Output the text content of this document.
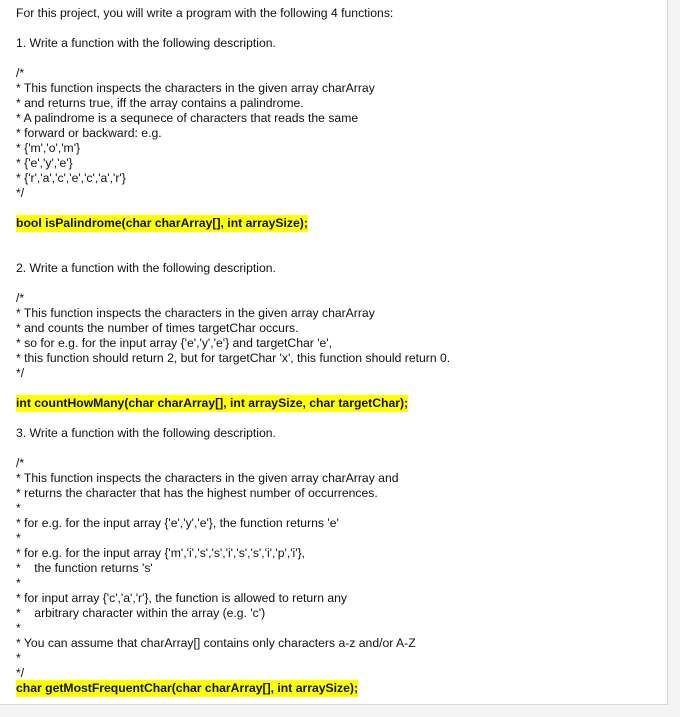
For this project, you will write a program with the following 4 functions:
1. Write a function with the following description.
/*
* This function inspects the characters in the given array charArray
* and returns true, iff the array contains a palindrome.
* A palindrome is a sequnece of characters that reads the same
* forward or backward: e.g.
* {'m','o','m'}
* {'e','y','e'}
* {'r','a','c','e','c','a','r'}
*/
bool isPalindrome(char charArray[], int arraySize);
2. Write a function with the following description.
/*
* This function inspects the characters in the given array charArray
* and counts the number of times targetChar occurs.
* so for e.g. for the input array {'e','y','e'} and targetChar 'e',
* this function should return 2, but for targetChar 'x', this function should return 0.
*/
int countHowMany(char charArray[], int arraySize, char targetChar);
3. Write a function with the following description.
/*
* This function inspects the characters in the given array charArray and
* returns the character that has the highest number of occurrences.
*
* for e.g. for the input array {'e','y','e'}, the function returns 'e'
*
* for e.g. for the input array {'m','i','s','s','i','s','s','i','p','i'},
*    the function returns 's'
*
* for input array {'c','a','r'}, the function is allowed to return any
*    arbitrary character within the array (e.g. 'c')
*
* You can assume that charArray[] contains only characters a-z and/or A-Z
*
*/
char getMostFrequentChar(char charArray[], int arraySize);
